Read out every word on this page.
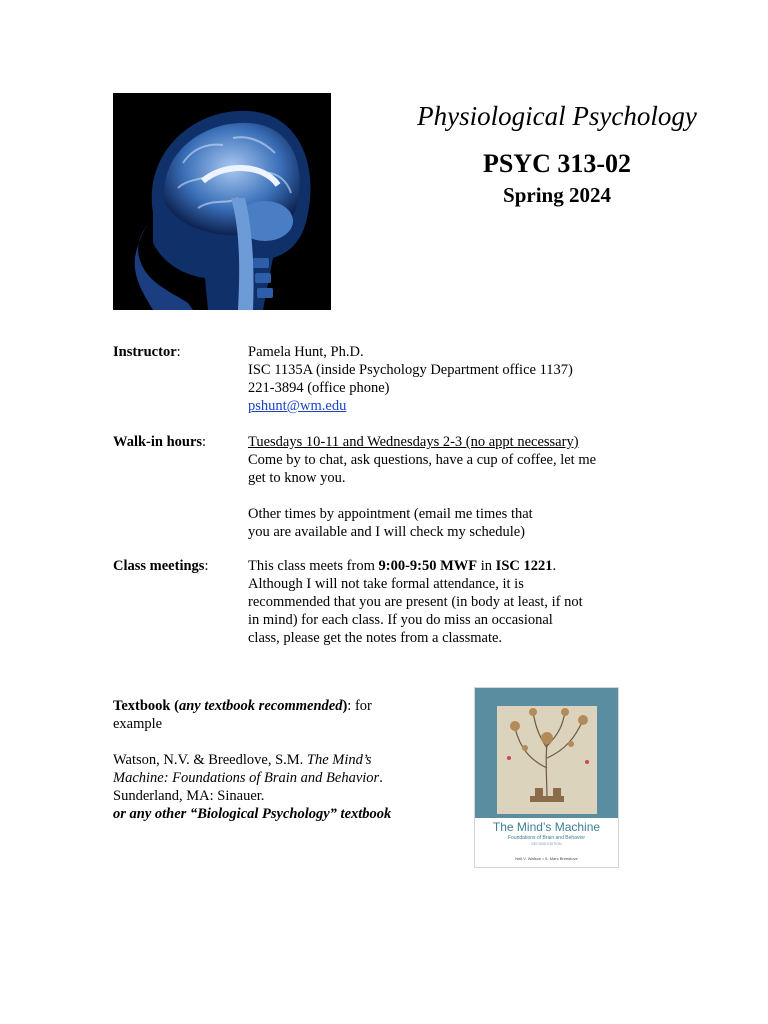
Physiological Psychology
PSYC 313-02
Spring 2024
Instructor:	Pamela Hunt, Ph.D.
ISC 1135A (inside Psychology Department office 1137)
221-3894 (office phone)
pshunt@wm.edu
Walk-in hours:	Tuesdays 10-11 and Wednesdays 2-3 (no appt necessary)
Come by to chat, ask questions, have a cup of coffee, let me
get to know you.

Other times by appointment (email me times that
you are available and I will check my schedule)
Class meetings:	This class meets from 9:00-9:50 MWF in ISC 1221.
Although I will not take formal attendance, it is
recommended that you are present (in body at least, if not
in mind) for each class. If you do miss an occasional
class, please get the notes from a classmate.

Textbook (any textbook recommended): for
example

Watson, N.V. & Breedlove, S.M. The Mind’s
Machine: Foundations of Brain and Behavior.
Sunderland, MA: Sinauer.
or any other “Biological Psychology” textbook

The Mind’s Machine
Foundations of Brain and Behavior
SECOND EDITION
Neil V. Watson • S. Marc Breedlove
